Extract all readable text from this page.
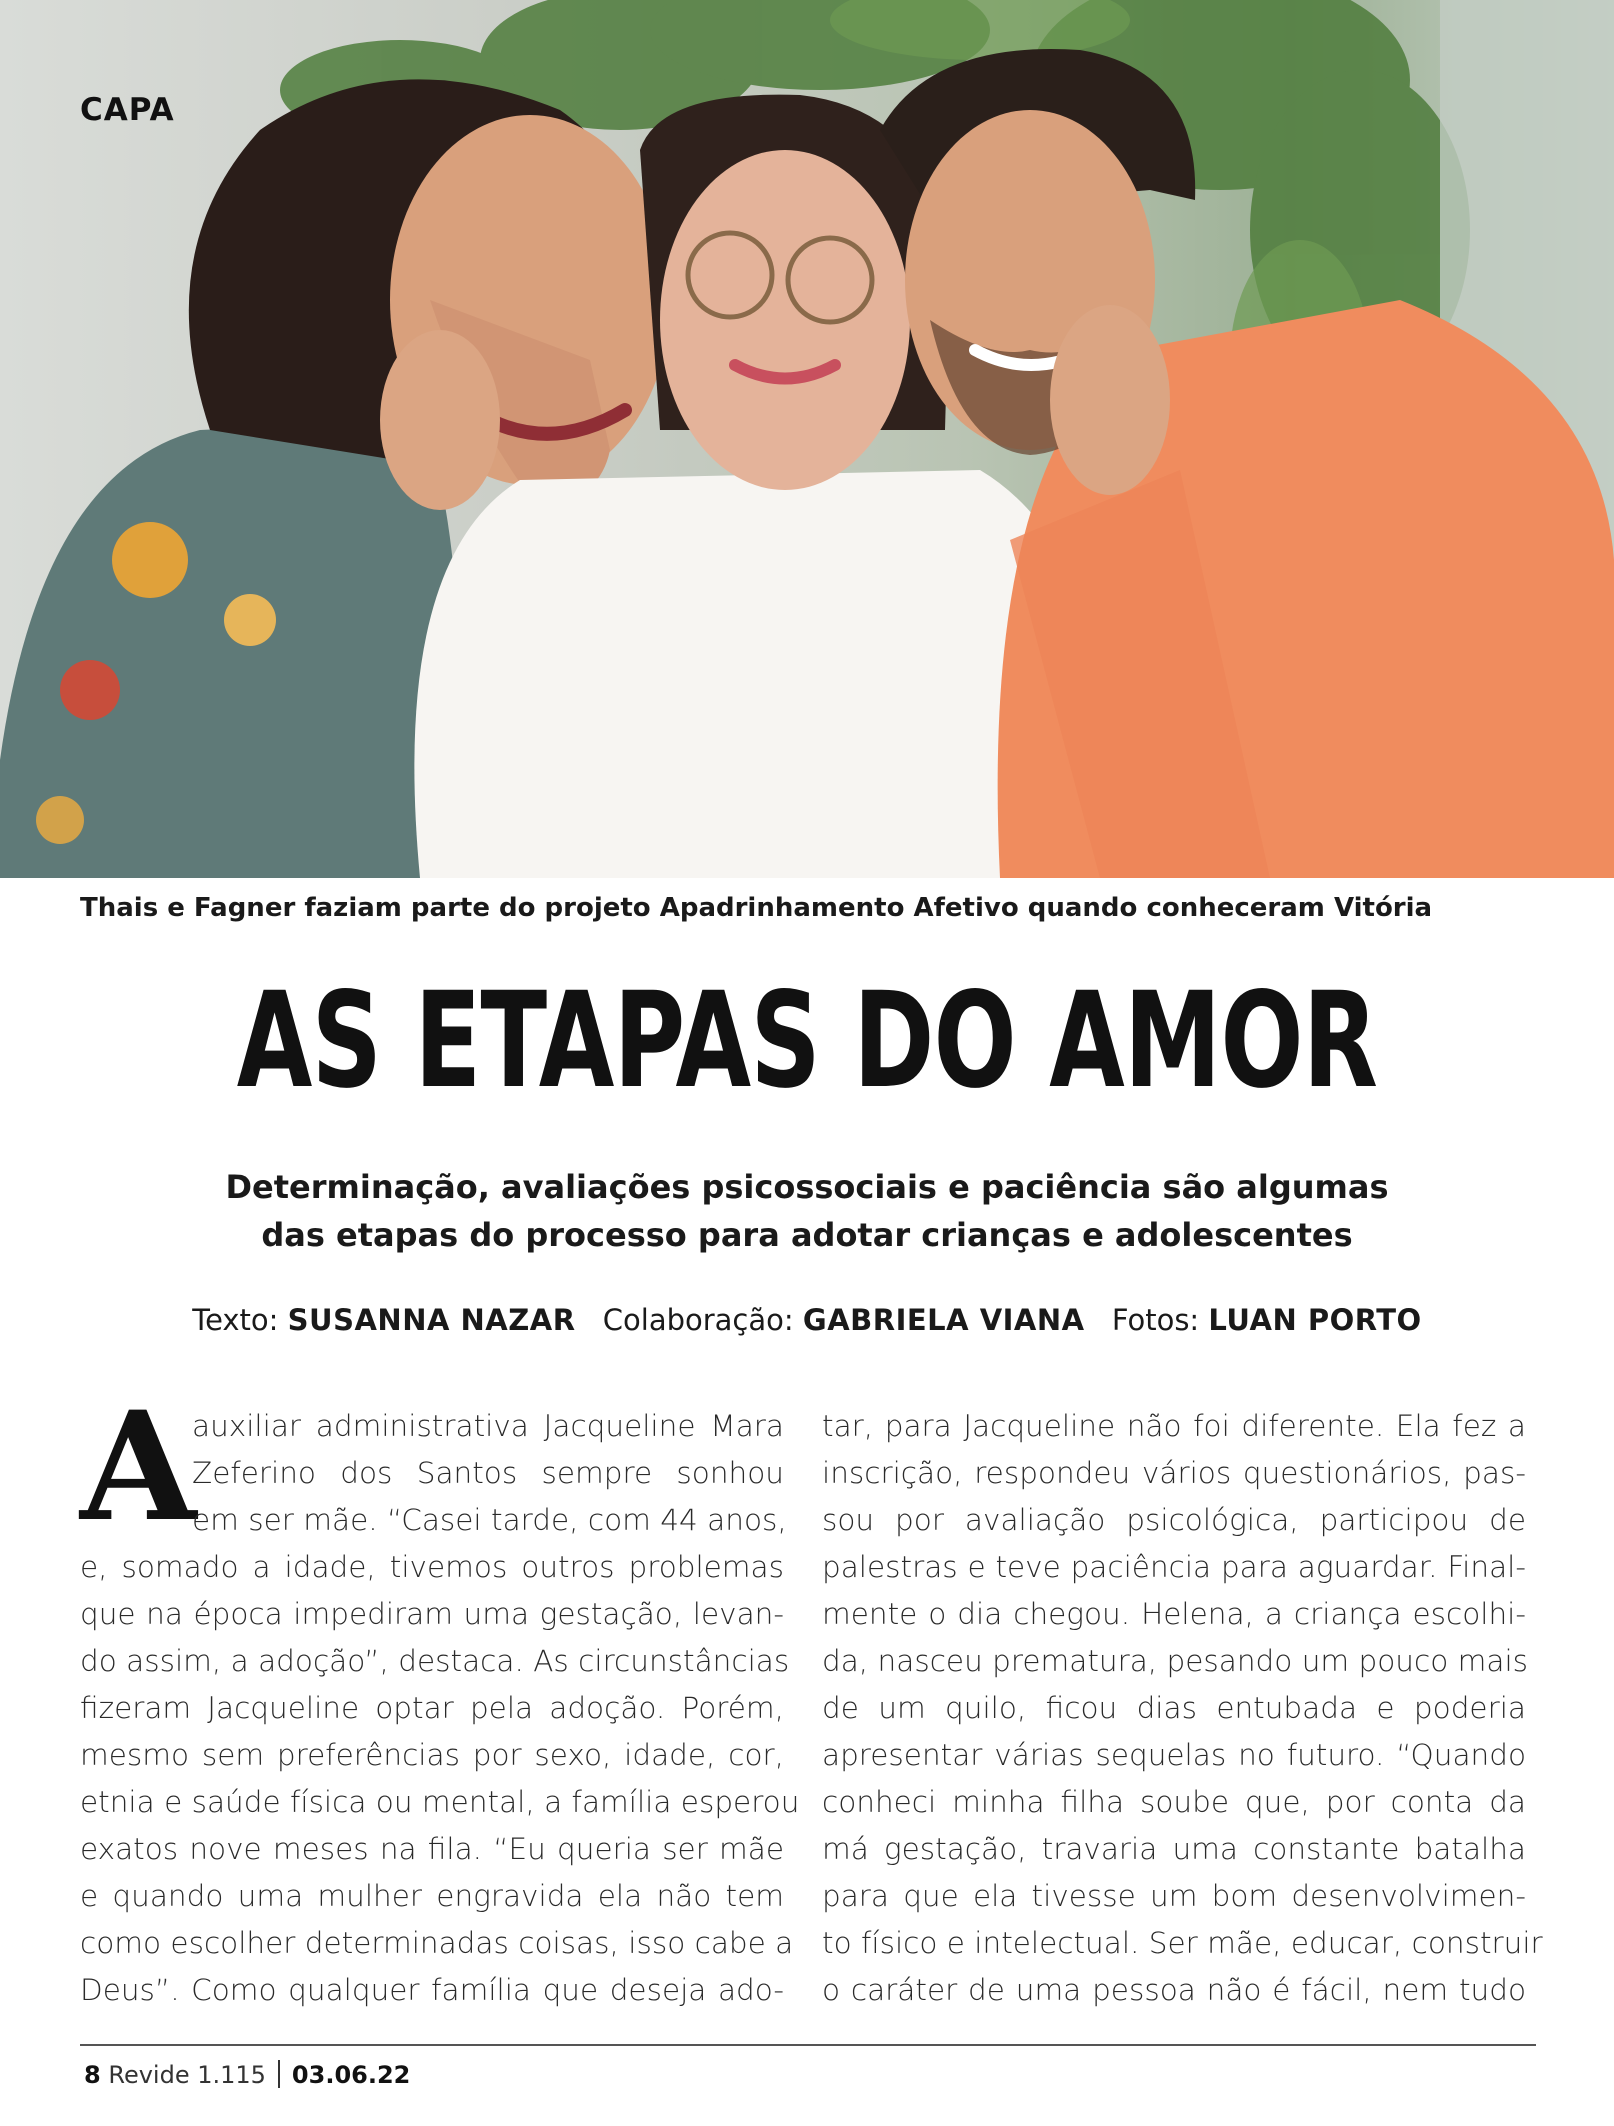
CAPA
Thais e Fagner faziam parte do projeto Apadrinhamento Afetivo quando conheceram Vitória
AS ETAPAS DO AMOR
Determinação, avaliações psicossociais e paciência são algumas
das etapas do processo para adotar crianças e adolescentes
Texto: SUSANNA NAZAR Colaboração: GABRIELA VIANA Fotos: LUAN PORTO
A
auxiliar administrativa Jacqueline Mara
Zeferino dos Santos sempre sonhou
em ser mãe. “Casei tarde, com 44 anos,
e, somado a idade, tivemos outros problemas
que na época impediram uma gestação, levan-
do assim, a adoção”, destaca. As circunstâncias
fizeram Jacqueline optar pela adoção. Porém,
mesmo sem preferências por sexo, idade, cor,
etnia e saúde física ou mental, a família esperou
exatos nove meses na fila. “Eu queria ser mãe
e quando uma mulher engravida ela não tem
como escolher determinadas coisas, isso cabe a
Deus”. Como qualquer família que deseja ado-
tar, para Jacqueline não foi diferente. Ela fez a
inscrição, respondeu vários questionários, pas-
sou por avaliação psicológica, participou de
palestras e teve paciência para aguardar. Final-
mente o dia chegou. Helena, a criança escolhi-
da, nasceu prematura, pesando um pouco mais
de um quilo, ficou dias entubada e poderia
apresentar várias sequelas no futuro. “Quando
conheci minha filha soube que, por conta da
má gestação, travaria uma constante batalha
para que ela tivesse um bom desenvolvimen-
to físico e intelectual. Ser mãe, educar, construir
o caráter de uma pessoa não é fácil, nem tudo
8 Revide 1.115 03.06.22
